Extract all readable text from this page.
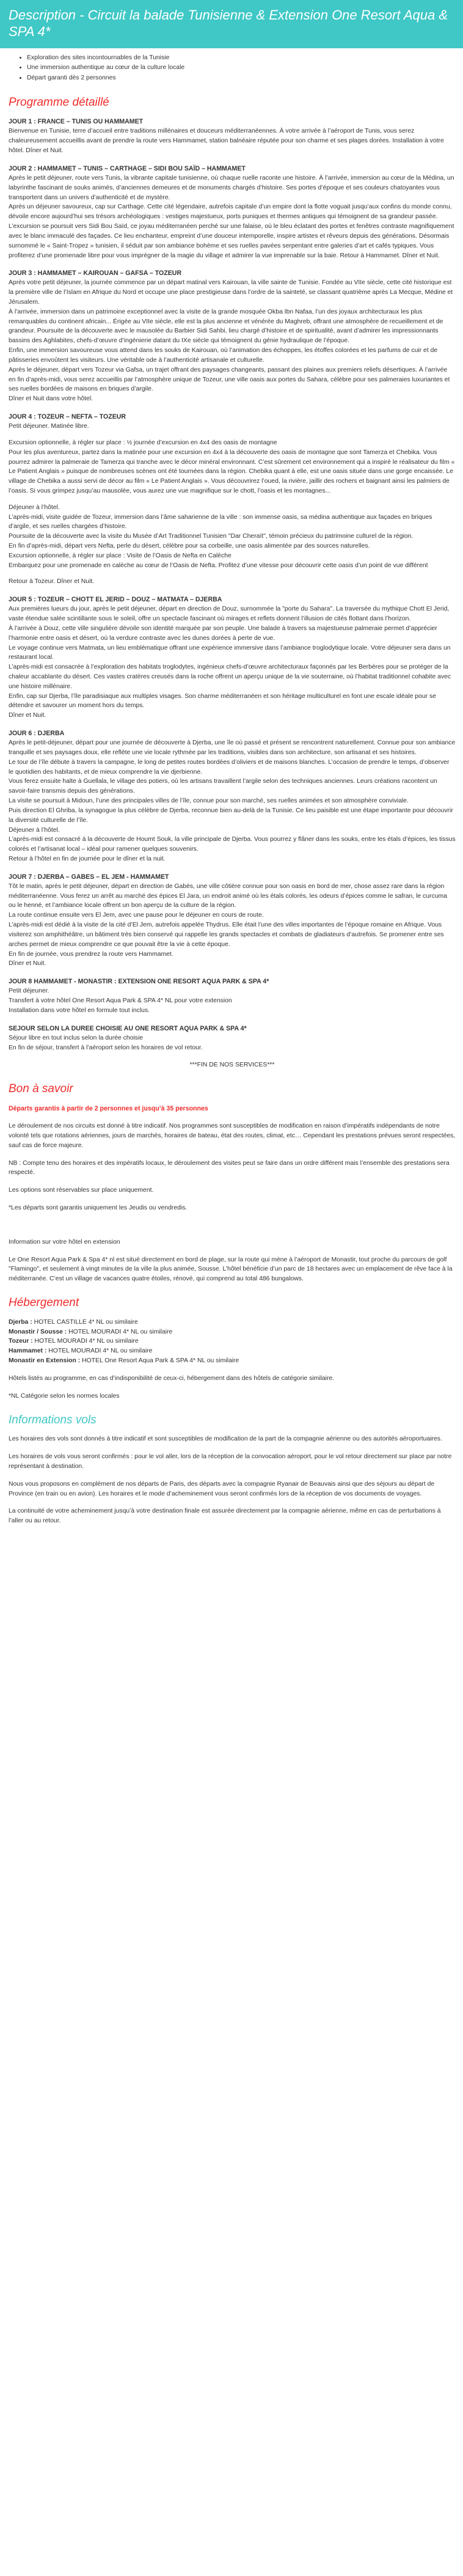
Description - Circuit la balade Tunisienne & Extension One Resort Aqua & SPA 4*
• Exploration des sites incontournables de la Tunisie
• Une immersion authentique au cœur de la culture locale
• Départ garanti dès 2 personnes
Programme détaillé
JOUR 1 : FRANCE – TUNIS OU HAMMAMET
Bienvenue en Tunisie, terre d’accueil entre traditions millénaires et douceurs méditerranéennes. À votre arrivée à l’aéroport de Tunis, vous serez chaleureusement accueillis avant de prendre la route vers Hammamet, station balnéaire réputée pour son charme et ses plages dorées. Installation à votre hôtel. Dîner et Nuit.
JOUR 2 : HAMMAMET – TUNIS – CARTHAGE – SIDI BOU SAÏD – HAMMAMET
Après le petit déjeuner, route vers Tunis, la vibrante capitale tunisienne, où chaque ruelle raconte une histoire. À l’arrivée, immersion au cœur de la Médina, un labyrinthe fascinant de souks animés, d’anciennes demeures et de monuments chargés d’histoire. Ses portes d’époque et ses couleurs chatoyantes vous transportent dans un univers d’authenticité et de mystère.
Après un déjeuner savoureux, cap sur Carthage. Cette cité légendaire, autrefois capitale d’un empire dont la flotte voguait jusqu’aux confins du monde connu, dévoile encore aujourd’hui ses trésors archéologiques : vestiges majestueux, ports puniques et thermes antiques qui témoignent de sa grandeur passée.
L’excursion se poursuit vers Sidi Bou Saïd, ce joyau méditerranéen perché sur une falaise, où le bleu éclatant des portes et fenêtres contraste magnifiquement avec le blanc immaculé des façades. Ce lieu enchanteur, empreint d’une douceur intemporelle, inspire artistes et rêveurs depuis des générations. Désormais surnommé le « Saint-Tropez » tunisien, il séduit par son ambiance bohème et ses ruelles pavées serpentant entre galeries d’art et cafés typiques. Vous profiterez d’une promenade libre pour vous imprégner de la magie du village et admirer la vue imprenable sur la baie. Retour à Hammamet. Dîner et Nuit.
JOUR 3 : HAMMAMET – KAIROUAN – GAFSA – TOZEUR
Après votre petit déjeuner, la journée commence par un départ matinal vers Kairouan, la ville sainte de Tunisie. Fondée au VIIe siècle, cette cité historique est la première ville de l’Islam en Afrique du Nord et occupe une place prestigieuse dans l’ordre de la sainteté, se classant quatrième après La Mecque, Médine et Jérusalem.
À l’arrivée, immersion dans un patrimoine exceptionnel avec la visite de la grande mosquée Okba Ibn Nafaa, l’un des joyaux architecturaux les plus remarquables du continent africain... Érigée au VIIe siècle, elle est la plus ancienne et vénérée du Maghreb, offrant une atmosphère de recueillement et de grandeur. Poursuite de la découverte avec le mausolée du Barbier Sidi Sahbi, lieu chargé d’histoire et de spiritualité, avant d’admirer les impressionnants bassins des Aghlabites, chefs-d’œuvre d’ingénierie datant du IXe siècle qui témoignent du génie hydraulique de l’époque.
Enfin, une immersion savoureuse vous attend dans les souks de Kairouan, où l’animation des échoppes, les étoffes colorées et les parfums de cuir et de pâtisseries envoûtent les visiteurs. Une véritable ode à l’authenticité artisanale et culturelle.
Après le déjeuner, départ vers Tozeur via Gafsa, un trajet offrant des paysages changeants, passant des plaines aux premiers reliefs désertiques. À l’arrivée en fin d’après-midi, vous serez accueillis par l’atmosphère unique de Tozeur, une ville oasis aux portes du Sahara, célèbre pour ses palmeraies luxuriantes et ses ruelles bordées de maisons en briques d’argile.
Dîner et Nuit dans votre hôtel.
JOUR 4 : TOZEUR – NEFTA – TOZEUR
Petit déjeuner. Matinée libre.
Excursion optionnelle, à régler sur place : ½ journée d’excursion en 4x4 des oasis de montagne
Pour les plus aventureux, partez dans la matinée pour une excursion en 4x4 à la découverte des oasis de montagne que sont Tamerza et Chebika. Vous pourrez admirer la palmeraie de Tamerza qui tranche avec le décor minéral environnant. C’est sûrement cet environnement qui a inspiré le réalisateur du film « Le Patient Anglais » puisque de nombreuses scènes ont été tournées dans la région. Chebika quant à elle, est une oasis située dans une gorge encaissée. Le village de Chebika a aussi servi de décor au film « Le Patient Anglais ». Vous découvrirez l’oued, la rivière, jaillir des rochers et baignant ainsi les palmiers de l’oasis. Si vous grimpez jusqu’au mausolée, vous aurez une vue magnifique sur le chott, l’oasis et les montagnes...
Déjeuner à l’hôtel.
L’après-midi, visite guidée de Tozeur, immersion dans l’âme saharienne de la ville : son immense oasis, sa médina authentique aux façades en briques d’argile, et ses ruelles chargées d’histoire.
Poursuite de la découverte avec la visite du Musée d’Art Traditionnel Tunisien "Dar Cheraït", témoin précieux du patrimoine culturel de la région.
En fin d’après-midi, départ vers Nefta, perle du désert, célèbre pour sa corbeille, une oasis alimentée par des sources naturelles.
Excursion optionnelle, à régler sur place : Visite de l’Oasis de Nefta en Calèche
Embarquez pour une promenade en calèche au cœur de l’Oasis de Nefta. Profitez d’une vitesse pour découvrir cette oasis d’un point de vue différent
Retour à Tozeur. Dîner et Nuit.
JOUR 5 : TOZEUR – CHOTT EL JERID – DOUZ – MATMATA – DJERBA
Aux premières lueurs du jour, après le petit déjeuner, départ en direction de Douz, surnommée la "porte du Sahara". La traversée du mythique Chott El Jerid, vaste étendue salée scintillante sous le soleil, offre un spectacle fascinant où mirages et reflets donnent l’illusion de cités flottant dans l’horizon.
À l’arrivée à Douz, cette ville singulière dévoile son identité marquée par son peuple. Une balade à travers sa majestueuse palmeraie permet d’apprécier l’harmonie entre oasis et désert, où la verdure contraste avec les dunes dorées à perte de vue.
Le voyage continue vers Matmata, un lieu emblématique offrant une expérience immersive dans l’ambiance troglodytique locale. Votre déjeuner sera dans un restaurant local.
L’après-midi est consacrée à l’exploration des habitats troglodytes, ingénieux chefs-d’œuvre architecturaux façonnés par les Berbères pour se protéger de la chaleur accablante du désert. Ces vastes cratères creusés dans la roche offrent un aperçu unique de la vie souterraine, où l’habitat traditionnel cohabite avec une histoire millénaire.
Enfin, cap sur Djerba, l’île paradisiaque aux multiples visages. Son charme méditerranéen et son héritage multiculturel en font une escale idéale pour se détendre et savourer un moment hors du temps.
Dîner et Nuit.
JOUR 6 : DJERBA
Après le petit-déjeuner, départ pour une journée de découverte à Djerba, une île où passé et présent se rencontrent naturellement. Connue pour son ambiance tranquille et ses paysages doux, elle reflète une vie locale rythmée par les traditions, visibles dans son architecture, son artisanat et ses histoires.
Le tour de l’île débute à travers la campagne, le long de petites routes bordées d’oliviers et de maisons blanches. L’occasion de prendre le temps, d’observer le quotidien des habitants, et de mieux comprendre la vie djerbienne.
Vous ferez ensuite halte à Guellala, le village des potiers, où les artisans travaillent l’argile selon des techniques anciennes. Leurs créations racontent un savoir-faire transmis depuis des générations.
La visite se poursuit à Midoun, l’une des principales villes de l’île, connue pour son marché, ses ruelles animées et son atmosphère conviviale.
Puis direction El Ghriba, la synagogue la plus célèbre de Djerba, reconnue bien au-delà de la Tunisie. Ce lieu paisible est une étape importante pour découvrir la diversité culturelle de l’île.
Déjeuner à l’hôtel.
L’après-midi est consacré à la découverte de Houmt Souk, la ville principale de Djerba. Vous pourrez y flâner dans les souks, entre les étals d’épices, les tissus colorés et l’artisanat local – idéal pour ramener quelques souvenirs.
Retour à l’hôtel en fin de journée pour le dîner et la nuit.
JOUR 7 : DJERBA – GABES – EL JEM - HAMMAMET
Tôt le matin, après le petit déjeuner, départ en direction de Gabès, une ville côtière connue pour son oasis en bord de mer, chose assez rare dans la région méditerranéenne. Vous ferez un arrêt au marché des épices El Jara, un endroit animé où les étals colorés, les odeurs d’épices comme le safran, le curcuma ou le henné, et l’ambiance locale offrent un bon aperçu de la culture de la région.
La route continue ensuite vers El Jem, avec une pause pour le déjeuner en cours de route.
L’après-midi est dédié à la visite de la cité d’El Jem, autrefois appelée Thydrus. Elle était l’une des villes importantes de l’époque romaine en Afrique. Vous visiterez son amphithéâtre, un bâtiment très bien conservé qui rappelle les grands spectacles et combats de gladiateurs d’autrefois. Se promener entre ses arches permet de mieux comprendre ce que pouvait être la vie à cette époque.
En fin de journée, vous prendrez la route vers Hammamet.
Dîner et Nuit.
JOUR 8 HAMMAMET - MONASTIR : EXTENSION ONE RESORT AQUA PARK & SPA 4*
Petit déjeuner.
Transfert à votre hôtel One Resort Aqua Park & SPA 4* NL pour votre extension
Installation dans votre hôtel en formule tout inclus.
SEJOUR SELON LA DUREE CHOISIE AU ONE RESORT AQUA PARK & SPA 4*
Séjour libre en tout inclus selon la durée choisie
En fin de séjour, transfert à l’aéroport selon les horaires de vol retour.
***FIN DE NOS SERVICES***
Bon à savoir
Départs garantis à partir de 2 personnes et jusqu’à 35 personnes
Le déroulement de nos circuits est donné à titre indicatif. Nos programmes sont susceptibles de modification en raison d’impératifs indépendants de notre volonté tels que rotations aériennes, jours de marchés, horaires de bateau, état des routes, climat, etc… Cependant les prestations prévues seront respectées, sauf cas de force majeure.
NB : Compte tenu des horaires et des impératifs locaux, le déroulement des visites peut se faire dans un ordre différent mais l’ensemble des prestations sera respecté.
Les options sont réservables sur place uniquement.
*Les départs sont garantis uniquement les Jeudis ou vendredis.
Information sur votre hôtel en extension
Le One Resort Aqua Park & Spa 4* nl est situé directement en bord de plage, sur la route qui mène à l’aéroport de Monastir, tout proche du parcours de golf "Flamingo", et seulement à vingt minutes de la ville la plus animée, Sousse. L’hôtel bénéficie d’un parc de 18 hectares avec un emplacement de rêve face à la méditerranée. C’est un village de vacances quatre étoiles, rénové, qui comprend au total 486 bungalows.
Hébergement
Djerba : HOTEL CASTILLE 4* NL ou similaire
Monastir / Sousse : HOTEL MOURADI 4* NL ou similaire
Tozeur : HOTEL MOURADI 4* NL ou similaire
Hammamet : HOTEL MOURADI 4* NL ou similaire
Monastir en Extension : HOTEL One Resort Aqua Park & SPA 4* NL ou similaire
Hôtels listés au programme, en cas d’indisponibilité de ceux-ci, hébergement dans des hôtels de catégorie similaire.
*NL Catégorie selon les normes locales
Informations vols
Les horaires des vols sont donnés à titre indicatif et sont susceptibles de modification de la part de la compagnie aérienne ou des autorités aéroportuaires.
Les horaires de vols vous seront confirmés : pour le vol aller, lors de la réception de la convocation aéroport, pour le vol retour directement sur place par notre représentant à destination.
Nous vous proposons en complément de nos départs de Paris, des départs avec la compagnie Ryanair de Beauvais ainsi que des séjours au départ de Province (en train ou en avion). Les horaires et le mode d’acheminement vous seront confirmés lors de la réception de vos documents de voyages.
La continuité de votre acheminement jusqu’à votre destination finale est assurée directement par la compagnie aérienne, même en cas de perturbations à l’aller ou au retour.
